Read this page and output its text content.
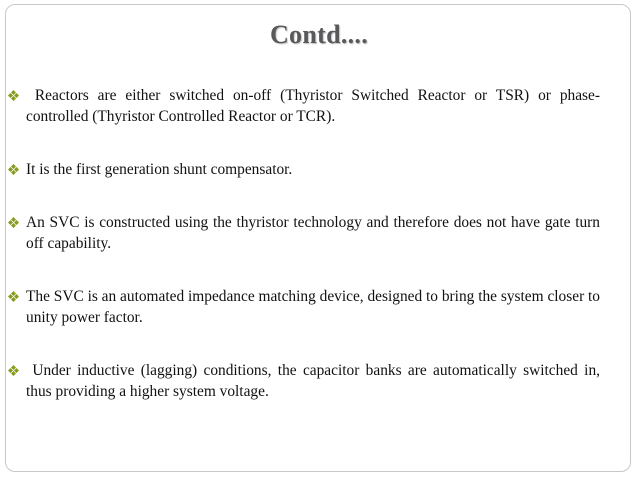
Contd....
Reactors are either switched on-off (Thyristor Switched Reactor or TSR) or phase-controlled (Thyristor Controlled Reactor or TCR).
It is the first generation shunt compensator.
An SVC is constructed using the thyristor technology and therefore does not have gate turn off capability.
The SVC is an automated impedance matching device, designed to bring the system closer to unity power factor.
Under inductive (lagging) conditions, the capacitor banks are automatically switched in, thus providing a higher system voltage.
